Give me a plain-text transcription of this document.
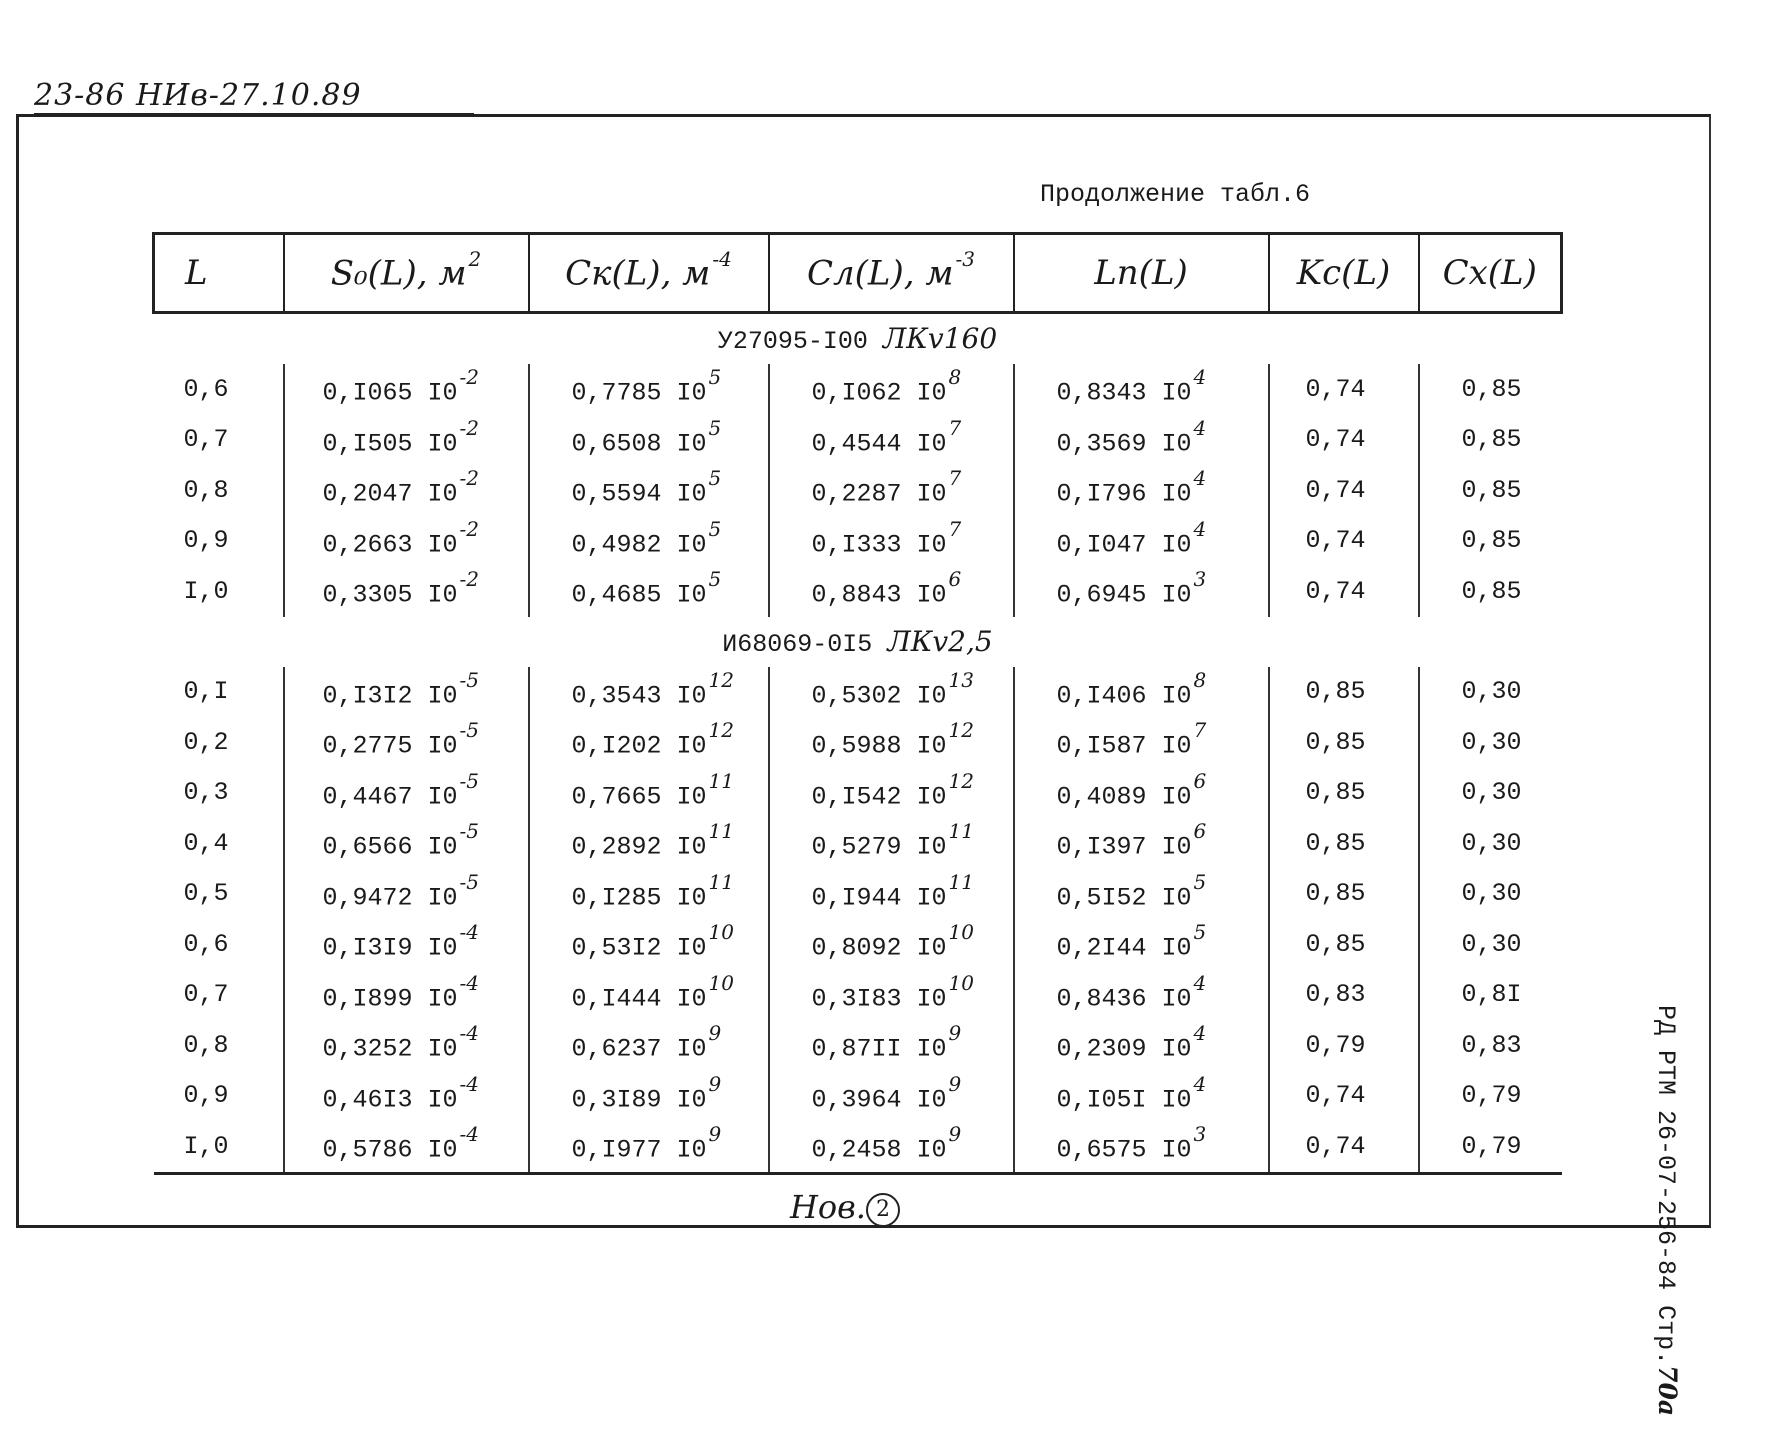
23-86 НИв-27.10.89
Продолжение табл.6
РД РТМ 26-07-256-84 Стр.70a
L	S₀(L), м $^2$	Cк(L), м $^{-4}$	Cл(L), м $^{-3}$	Lп(L)	Kc(L)	Cx(L)
У27095-I00 ЛКv160						
0,6	0,I065 $I0^{-2}$	0,7785 $I0^5$	0,I062 $I0^8$	0,8343 $I0^4$	0,74	0,85
0,7	0,I505 $I0^{-2}$	0,6508 $I0^5$	0,4544 $I0^7$	0,3569 $I0^4$	0,74	0,85
0,8	0,2047 $I0^{-2}$	0,5594 $I0^5$	0,2287 $I0^7$	0,I796 $I0^4$	0,74	0,85
0,9	0,2663 $I0^{-2}$	0,4982 $I0^5$	0,I333 $I0^7$	0,I047 $I0^4$	0,74	0,85
I,0	0,3305 $I0^{-2}$	0,4685 $I0^5$	0,8843 $I0^6$	0,6945 $I0^3$	0,74	0,85
И68069-0I5 ЛКv2,5						
0,I	0,I3I2 $I0^{-5}$	0,3543 $I0^{12}$	0,5302 $I0^{13}$	0,I406 $I0^8$	0,85	0,30
0,2	0,2775 $I0^{-5}$	0,I202 $I0^{12}$	0,5988 $I0^{12}$	0,I587 $I0^7$	0,85	0,30
0,3	0,4467 $I0^{-5}$	0,7665 $I0^{11}$	0,I542 $I0^{12}$	0,4089 $I0^6$	0,85	0,30
0,4	0,6566 $I0^{-5}$	0,2892 $I0^{11}$	0,5279 $I0^{11}$	0,I397 $I0^6$	0,85	0,30
0,5	0,9472 $I0^{-5}$	0,I285 $I0^{11}$	0,I944 $I0^{11}$	0,5I52 $I0^5$	0,85	0,30
0,6	0,I3I9 $I0^{-4}$	0,53I2 $I0^{10}$	0,8092 $I0^{10}$	0,2I44 $I0^5$	0,85	0,30
0,7	0,I899 $I0^{-4}$	0,I444 $I0^{10}$	0,3I83 $I0^{10}$	0,8436 $I0^4$	0,83	0,8I
0,8	0,3252 $I0^{-4}$	0,6237 $I0^9$	0,87II $I0^9$	0,2309 $I0^4$	0,79	0,83
0,9	0,46I3 $I0^{-4}$	0,3I89 $I0^9$	0,3964 $I0^9$	0,I05I $I0^4$	0,74	0,79
I,0	0,5786 $I0^{-4}$	0,I977 $I0^9$	0,2458 $I0^9$	0,6575 $I0^3$	0,74	0,79
Нов. 2
